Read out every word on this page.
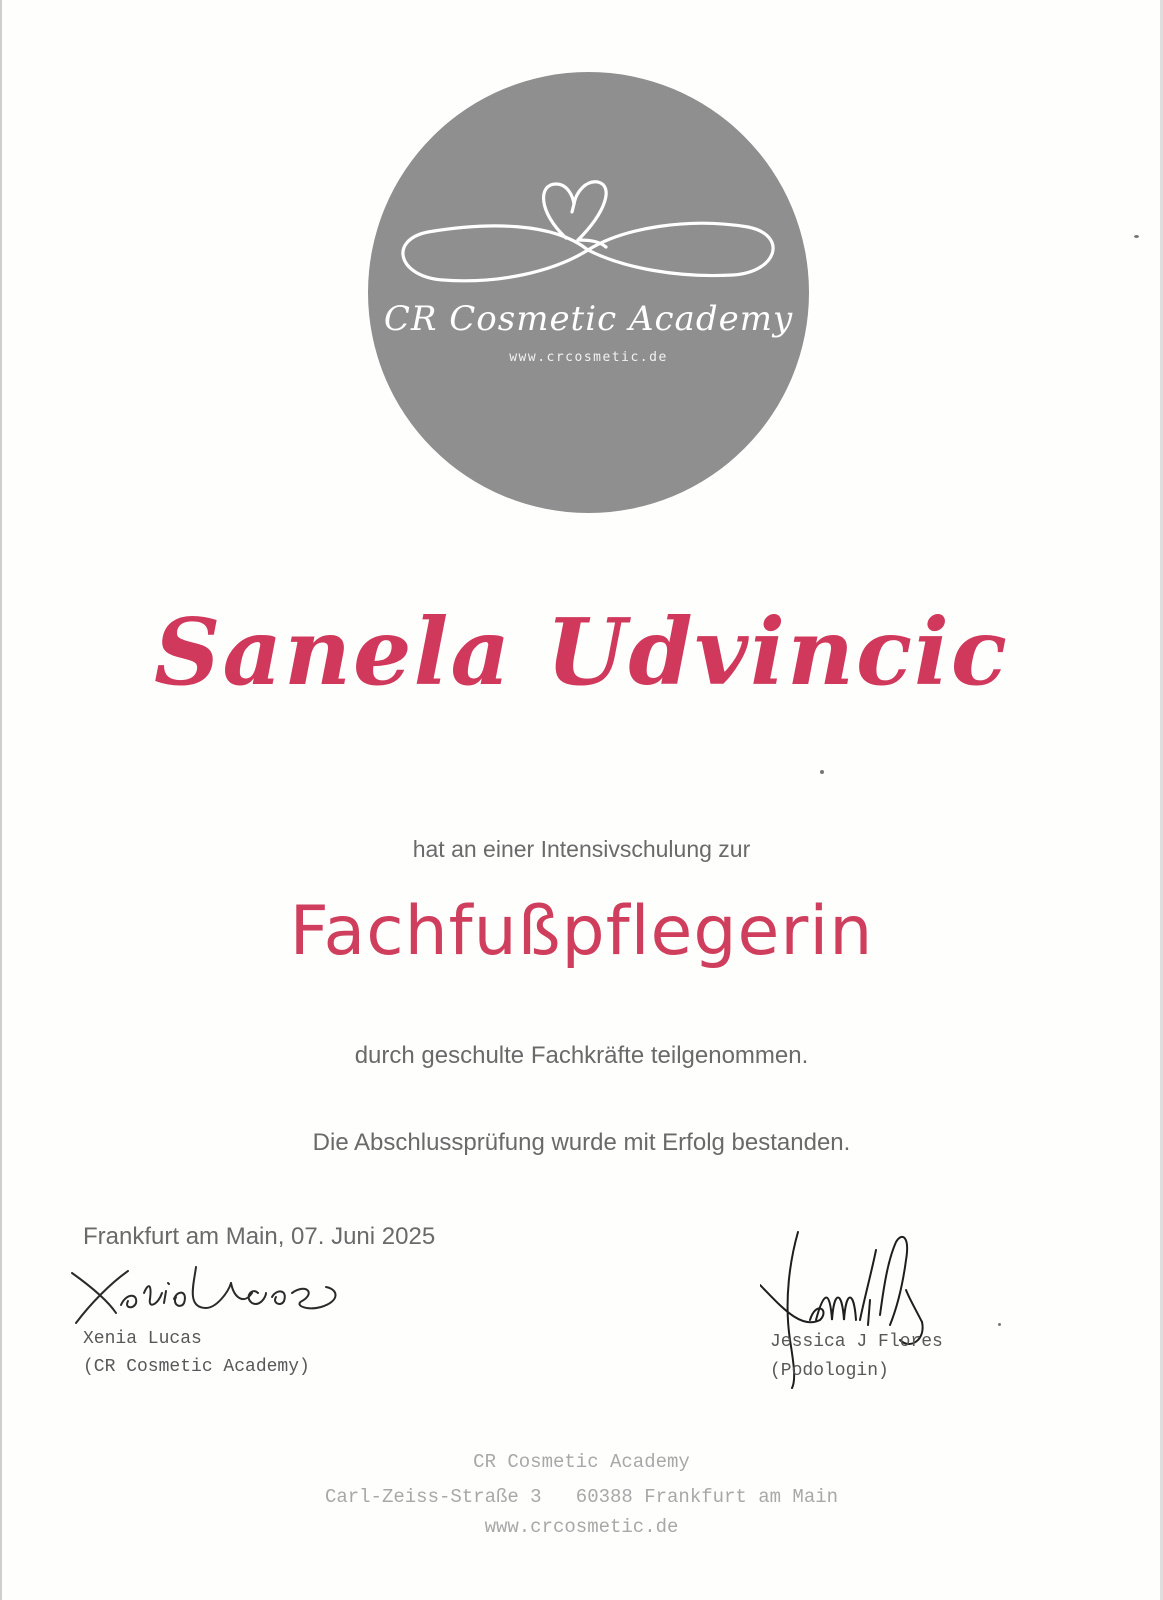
CR Cosmetic Academy
www.crcosmetic.de
Sanela Udvincic
hat an einer Intensivschulung zur
Fachfußpflegerin
durch geschulte Fachkräfte teilgenommen.
Die Abschlussprüfung wurde mit Erfolg bestanden.
Frankfurt am Main, 07. Juni 2025
Xenia Lucas
(CR Cosmetic Academy)
Jessica J Flores
(Podologin)
CR Cosmetic Academy
Carl-Zeiss-Straße 3   60388 Frankfurt am Main
www.crcosmetic.de
